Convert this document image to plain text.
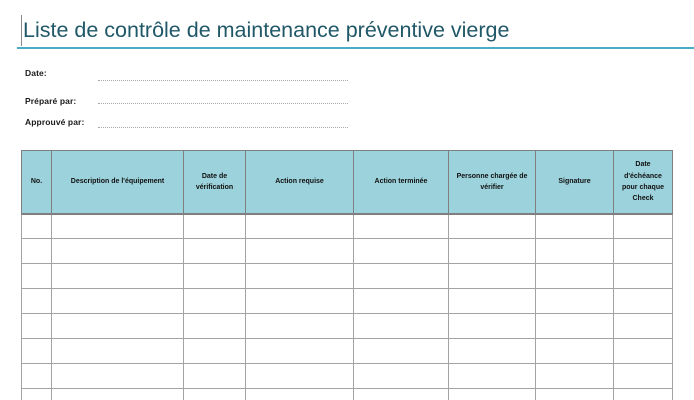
Liste de contrôle de maintenance préventive vierge
Date:
Préparé par:
Approuvé par:
No.	Description de l'équipement	Date de vérification	Action requise	Action terminée	Personne chargée de vérifier	Signature	Date d'échéance pour chaque Check
